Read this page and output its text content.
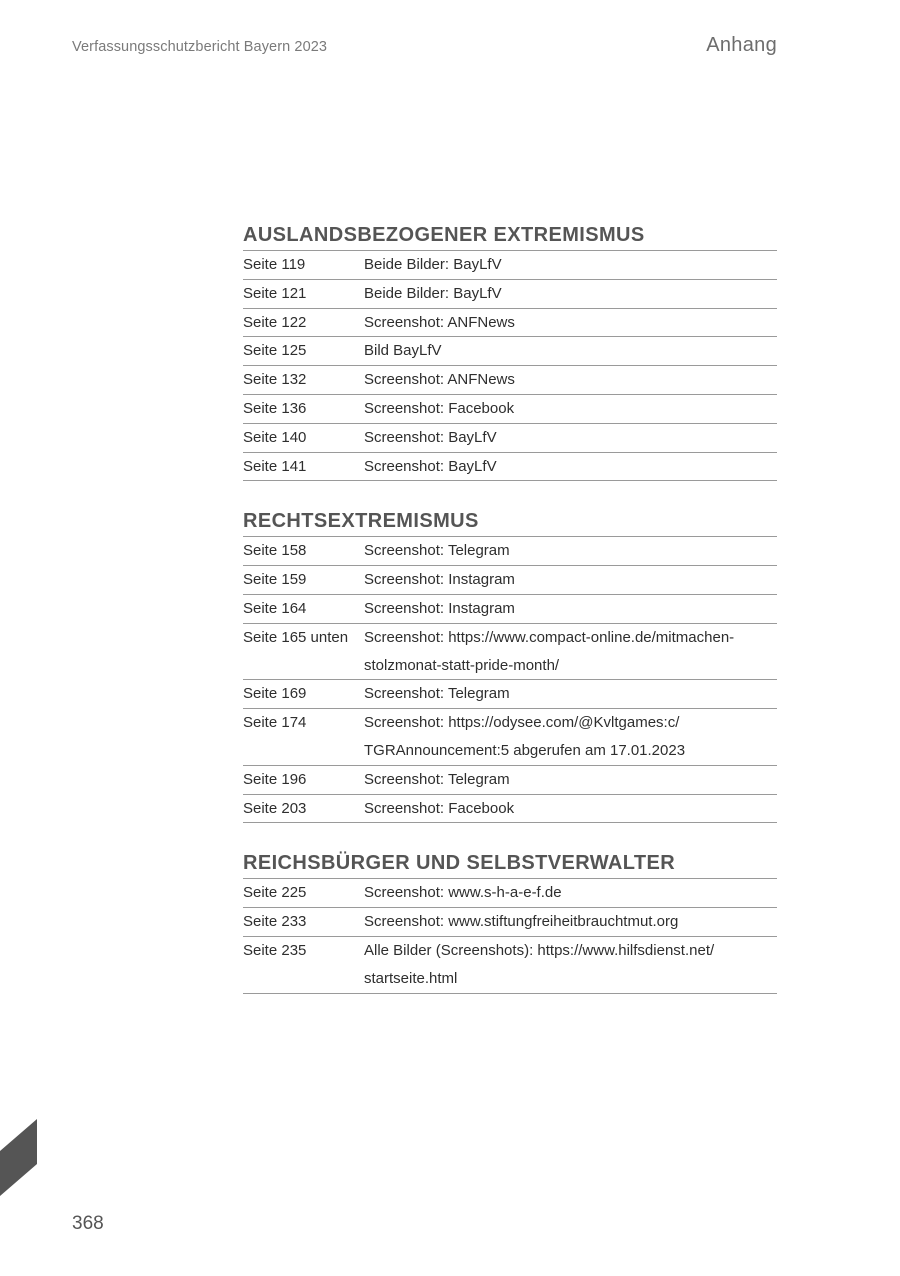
Verfassungsschutzbericht Bayern 2023	Anhang
AUSLANDSBEZOGENER EXTREMISMUS
Seite 119	Beide Bilder: BayLfV
Seite 121	Beide Bilder: BayLfV
Seite 122	Screenshot: ANFNews
Seite 125	Bild BayLfV
Seite 132	Screenshot: ANFNews
Seite 136	Screenshot: Facebook
Seite 140	Screenshot: BayLfV
Seite 141	Screenshot: BayLfV
RECHTSEXTREMISMUS
Seite 158	Screenshot: Telegram
Seite 159	Screenshot: Instagram
Seite 164	Screenshot: Instagram
Seite 165 unten	Screenshot: https://www.compact-online.de/mitmachen-
stolzmonat-statt-pride-month/
Seite 169	Screenshot: Telegram
Seite 174	Screenshot: https://odysee.com/@Kvltgames:c/
TGRAnnouncement:5 abgerufen am 17.01.2023
Seite 196	Screenshot: Telegram
Seite 203	Screenshot: Facebook
REICHSBÜRGER UND SELBSTVERWALTER
Seite 225	Screenshot: www.s-h-a-e-f.de
Seite 233	Screenshot: www.stiftungfreiheitbrauchtmut.org
Seite 235	Alle Bilder (Screenshots): https://www.hilfsdienst.net/
startseite.html
368
